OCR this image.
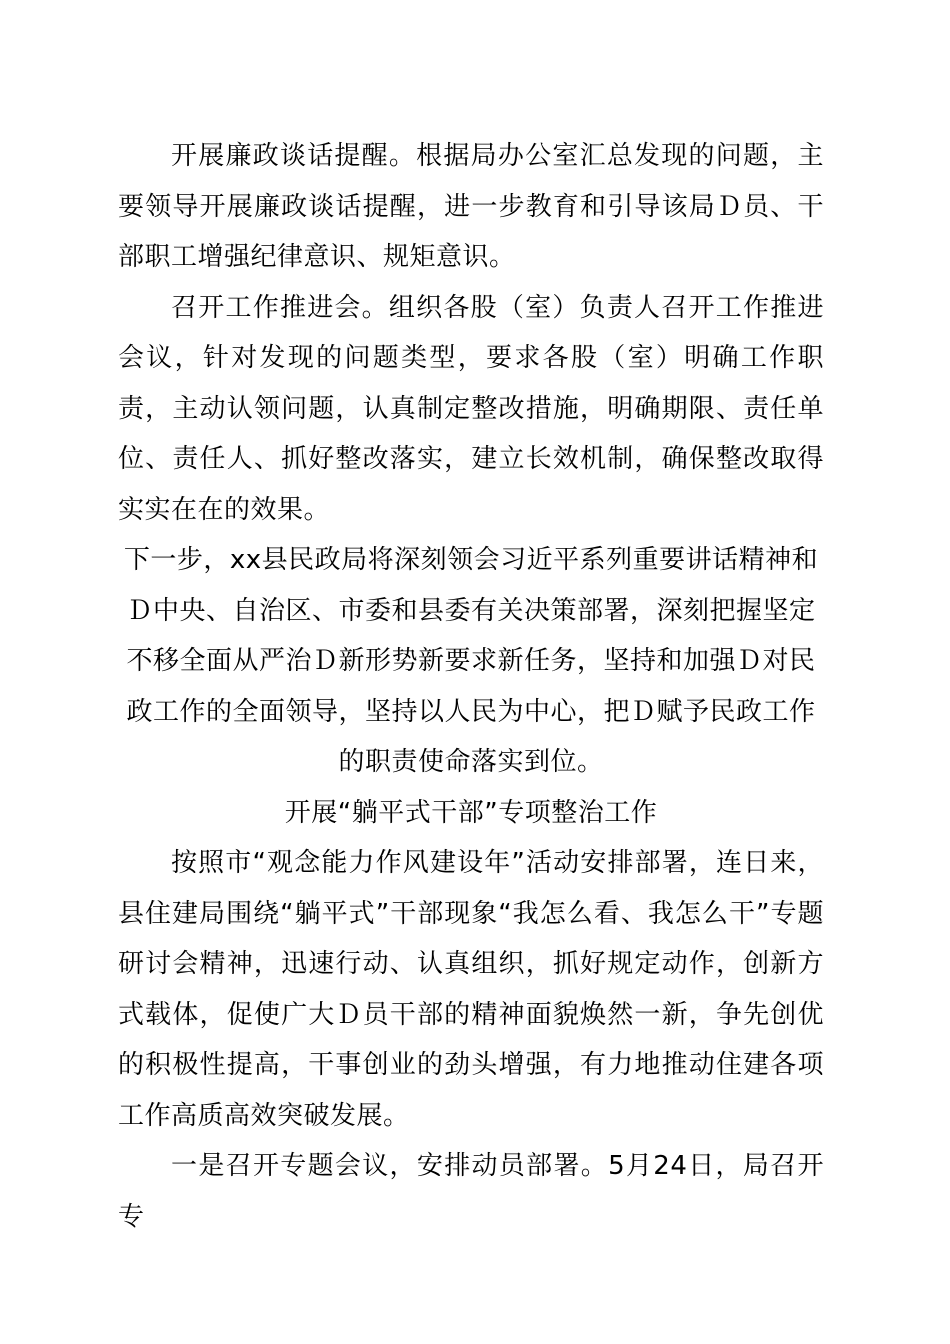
开展廉政谈话提醒。根据局办公室汇总发现的问题，主要领导开展廉政谈话提醒，进一步教育和引导该局Ｄ员、干部职工增强纪律意识、规矩意识。

召开工作推进会。组织各股（室）负责人召开工作推进会议，针对发现的问题类型，要求各股（室）明确工作职责，主动认领问题，认真制定整改措施，明确期限、责任单位、责任人、抓好整改落实，建立长效机制，确保整改取得实实在在的效果。

下一步，xx县民政局将深刻领会习近平系列重要讲话精神和Ｄ中央、自治区、市委和县委有关决策部署，深刻把握坚定不移全面从严治Ｄ新形势新要求新任务，坚持和加强Ｄ对民政工作的全面领导，坚持以人民为中心，把Ｄ赋予民政工作的职责使命落实到位。

开展“躺平式干部”专项整治工作

按照市“观念能力作风建设年”活动安排部署，连日来，县住建局围绕“躺平式”干部现象“我怎么看、我怎么干”专题研讨会精神，迅速行动、认真组织，抓好规定动作，创新方式载体，促使广大Ｄ员干部的精神面貌焕然一新，争先创优的积极性提高，干事创业的劲头增强，有力地推动住建各项工作高质高效突破发展。

一是召开专题会议，安排动员部署。5月24日，局召开专
